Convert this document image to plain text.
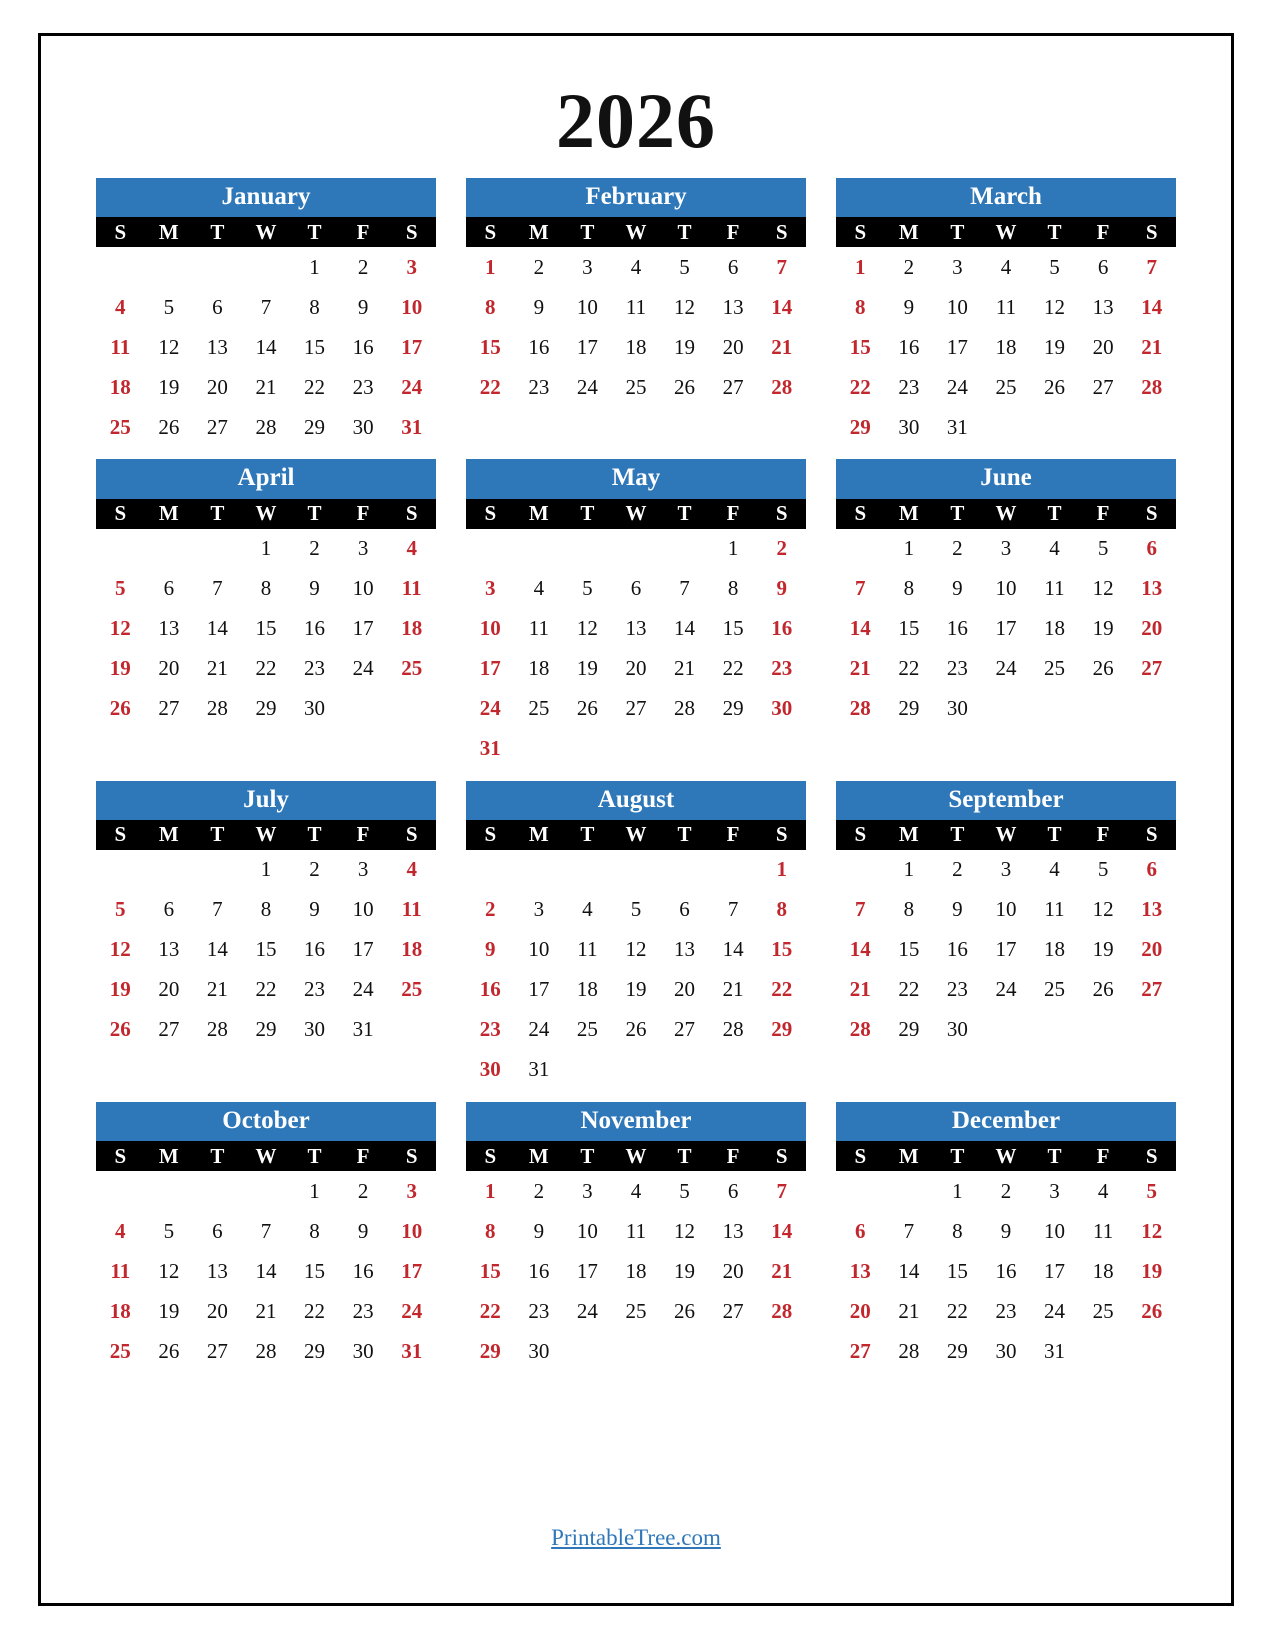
2026
January
S	M	T	W	T	F	S
				1	2	3
4	5	6	7	8	9	10
11	12	13	14	15	16	17
18	19	20	21	22	23	24
25	26	27	28	29	30	31
February
S	M	T	W	T	F	S
1	2	3	4	5	6	7
8	9	10	11	12	13	14
15	16	17	18	19	20	21
22	23	24	25	26	27	28
March
S	M	T	W	T	F	S
1	2	3	4	5	6	7
8	9	10	11	12	13	14
15	16	17	18	19	20	21
22	23	24	25	26	27	28
29	30	31				
April
S	M	T	W	T	F	S
			1	2	3	4
5	6	7	8	9	10	11
12	13	14	15	16	17	18
19	20	21	22	23	24	25
26	27	28	29	30		
May
S	M	T	W	T	F	S
					1	2
3	4	5	6	7	8	9
10	11	12	13	14	15	16
17	18	19	20	21	22	23
24	25	26	27	28	29	30
31						
June
S	M	T	W	T	F	S
	1	2	3	4	5	6
7	8	9	10	11	12	13
14	15	16	17	18	19	20
21	22	23	24	25	26	27
28	29	30				
July
S	M	T	W	T	F	S
			1	2	3	4
5	6	7	8	9	10	11
12	13	14	15	16	17	18
19	20	21	22	23	24	25
26	27	28	29	30	31	
August
S	M	T	W	T	F	S
						1
2	3	4	5	6	7	8
9	10	11	12	13	14	15
16	17	18	19	20	21	22
23	24	25	26	27	28	29
30	31					
September
S	M	T	W	T	F	S
	1	2	3	4	5	6
7	8	9	10	11	12	13
14	15	16	17	18	19	20
21	22	23	24	25	26	27
28	29	30				
October
S	M	T	W	T	F	S
				1	2	3
4	5	6	7	8	9	10
11	12	13	14	15	16	17
18	19	20	21	22	23	24
25	26	27	28	29	30	31
November
S	M	T	W	T	F	S
1	2	3	4	5	6	7
8	9	10	11	12	13	14
15	16	17	18	19	20	21
22	23	24	25	26	27	28
29	30					
December
S	M	T	W	T	F	S
		1	2	3	4	5
6	7	8	9	10	11	12
13	14	15	16	17	18	19
20	21	22	23	24	25	26
27	28	29	30	31		
PrintableTree.com
